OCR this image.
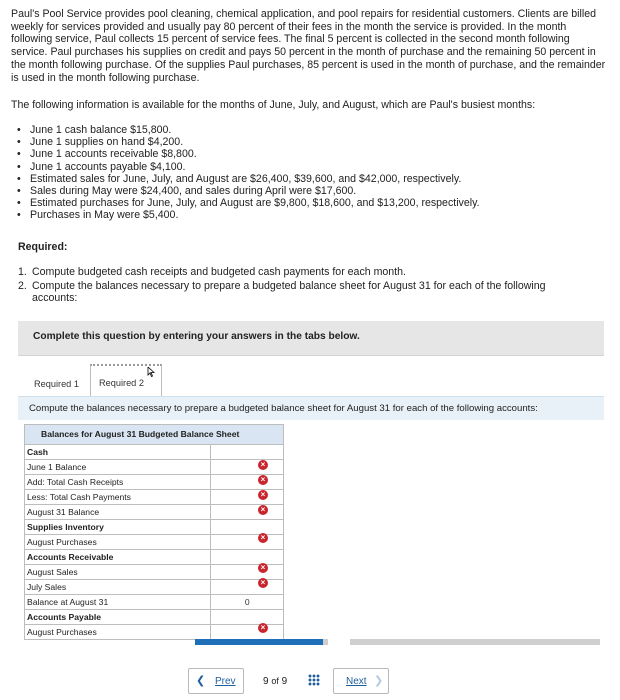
Paul's Pool Service provides pool cleaning, chemical application, and pool repairs for residential customers. Clients are billed weekly for services provided and usually pay 80 percent of their fees in the month the service is provided. In the month following service, Paul collects 15 percent of service fees. The final 5 percent is collected in the second month following service. Paul purchases his supplies on credit and pays 50 percent in the month of purchase and the remaining 50 percent in the month following purchase. Of the supplies Paul purchases, 85 percent is used in the month of purchase, and the remainder is used in the month following purchase.

The following information is available for the months of June, July, and August, which are Paul's busiest months:

• June 1 cash balance $15,800.
• June 1 supplies on hand $4,200.
• June 1 accounts receivable $8,800.
• June 1 accounts payable $4,100.
• Estimated sales for June, July, and August are $26,400, $39,600, and $42,000, respectively.
• Sales during May were $24,400, and sales during April were $17,600.
• Estimated purchases for June, July, and August are $9,800, $18,600, and $13,200, respectively.
• Purchases in May were $5,400.

Required:

1. Compute budgeted cash receipts and budgeted cash payments for each month.
2. Compute the balances necessary to prepare a budgeted balance sheet for August 31 for each of the following accounts:
Complete this question by entering your answers in the tabs below.
Required 1	Required 2
Compute the balances necessary to prepare a budgeted balance sheet for August 31 for each of the following accounts:
Balances for August 31 Budgeted Balance Sheet	
Cash	
June 1 Balance	

Add: Total Cash Receipts	

Less: Total Cash Payments	

August 31 Balance	

Supplies Inventory	
August Purchases	

Accounts Receivable	
August Sales	

July Sales	

Balance at August 31	0
Accounts Payable	
August Purchases	
×
×
×
×
×
×
×
×
❮ Prev	9 of 9	Next ❯
